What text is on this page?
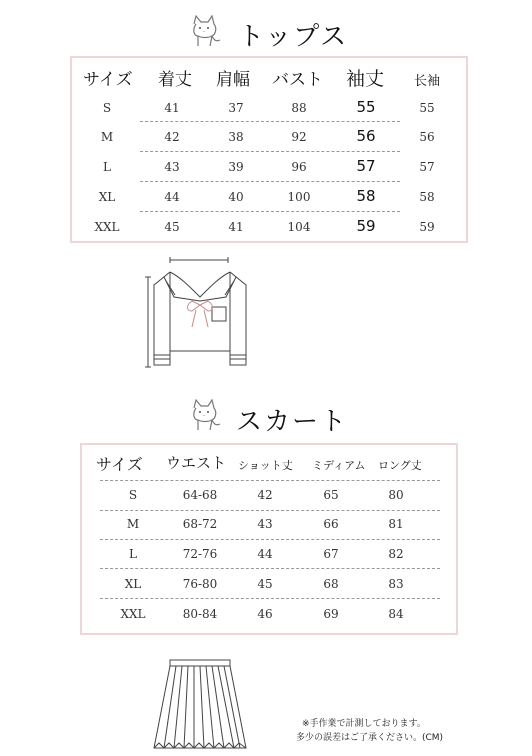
トップス
サイズ 着丈 肩幅 バスト 袖丈 长袖
S	41	37	88	55	55
M	42	38	92	56	56
L	43	39	96	57	57
XL	44	40	100	58	58
XXL	45	41	104	59	59
スカート
サイズ ウエスト ショット丈 ミディアム ロング丈
S	64-68	42	65	80
M	68-72	43	66	81
L	72-76	44	67	82
XL	76-80	45	68	83
XXL	80-84	46	69	84
※手作業で計測しております。
多少の誤差はご了承ください。(CM)
